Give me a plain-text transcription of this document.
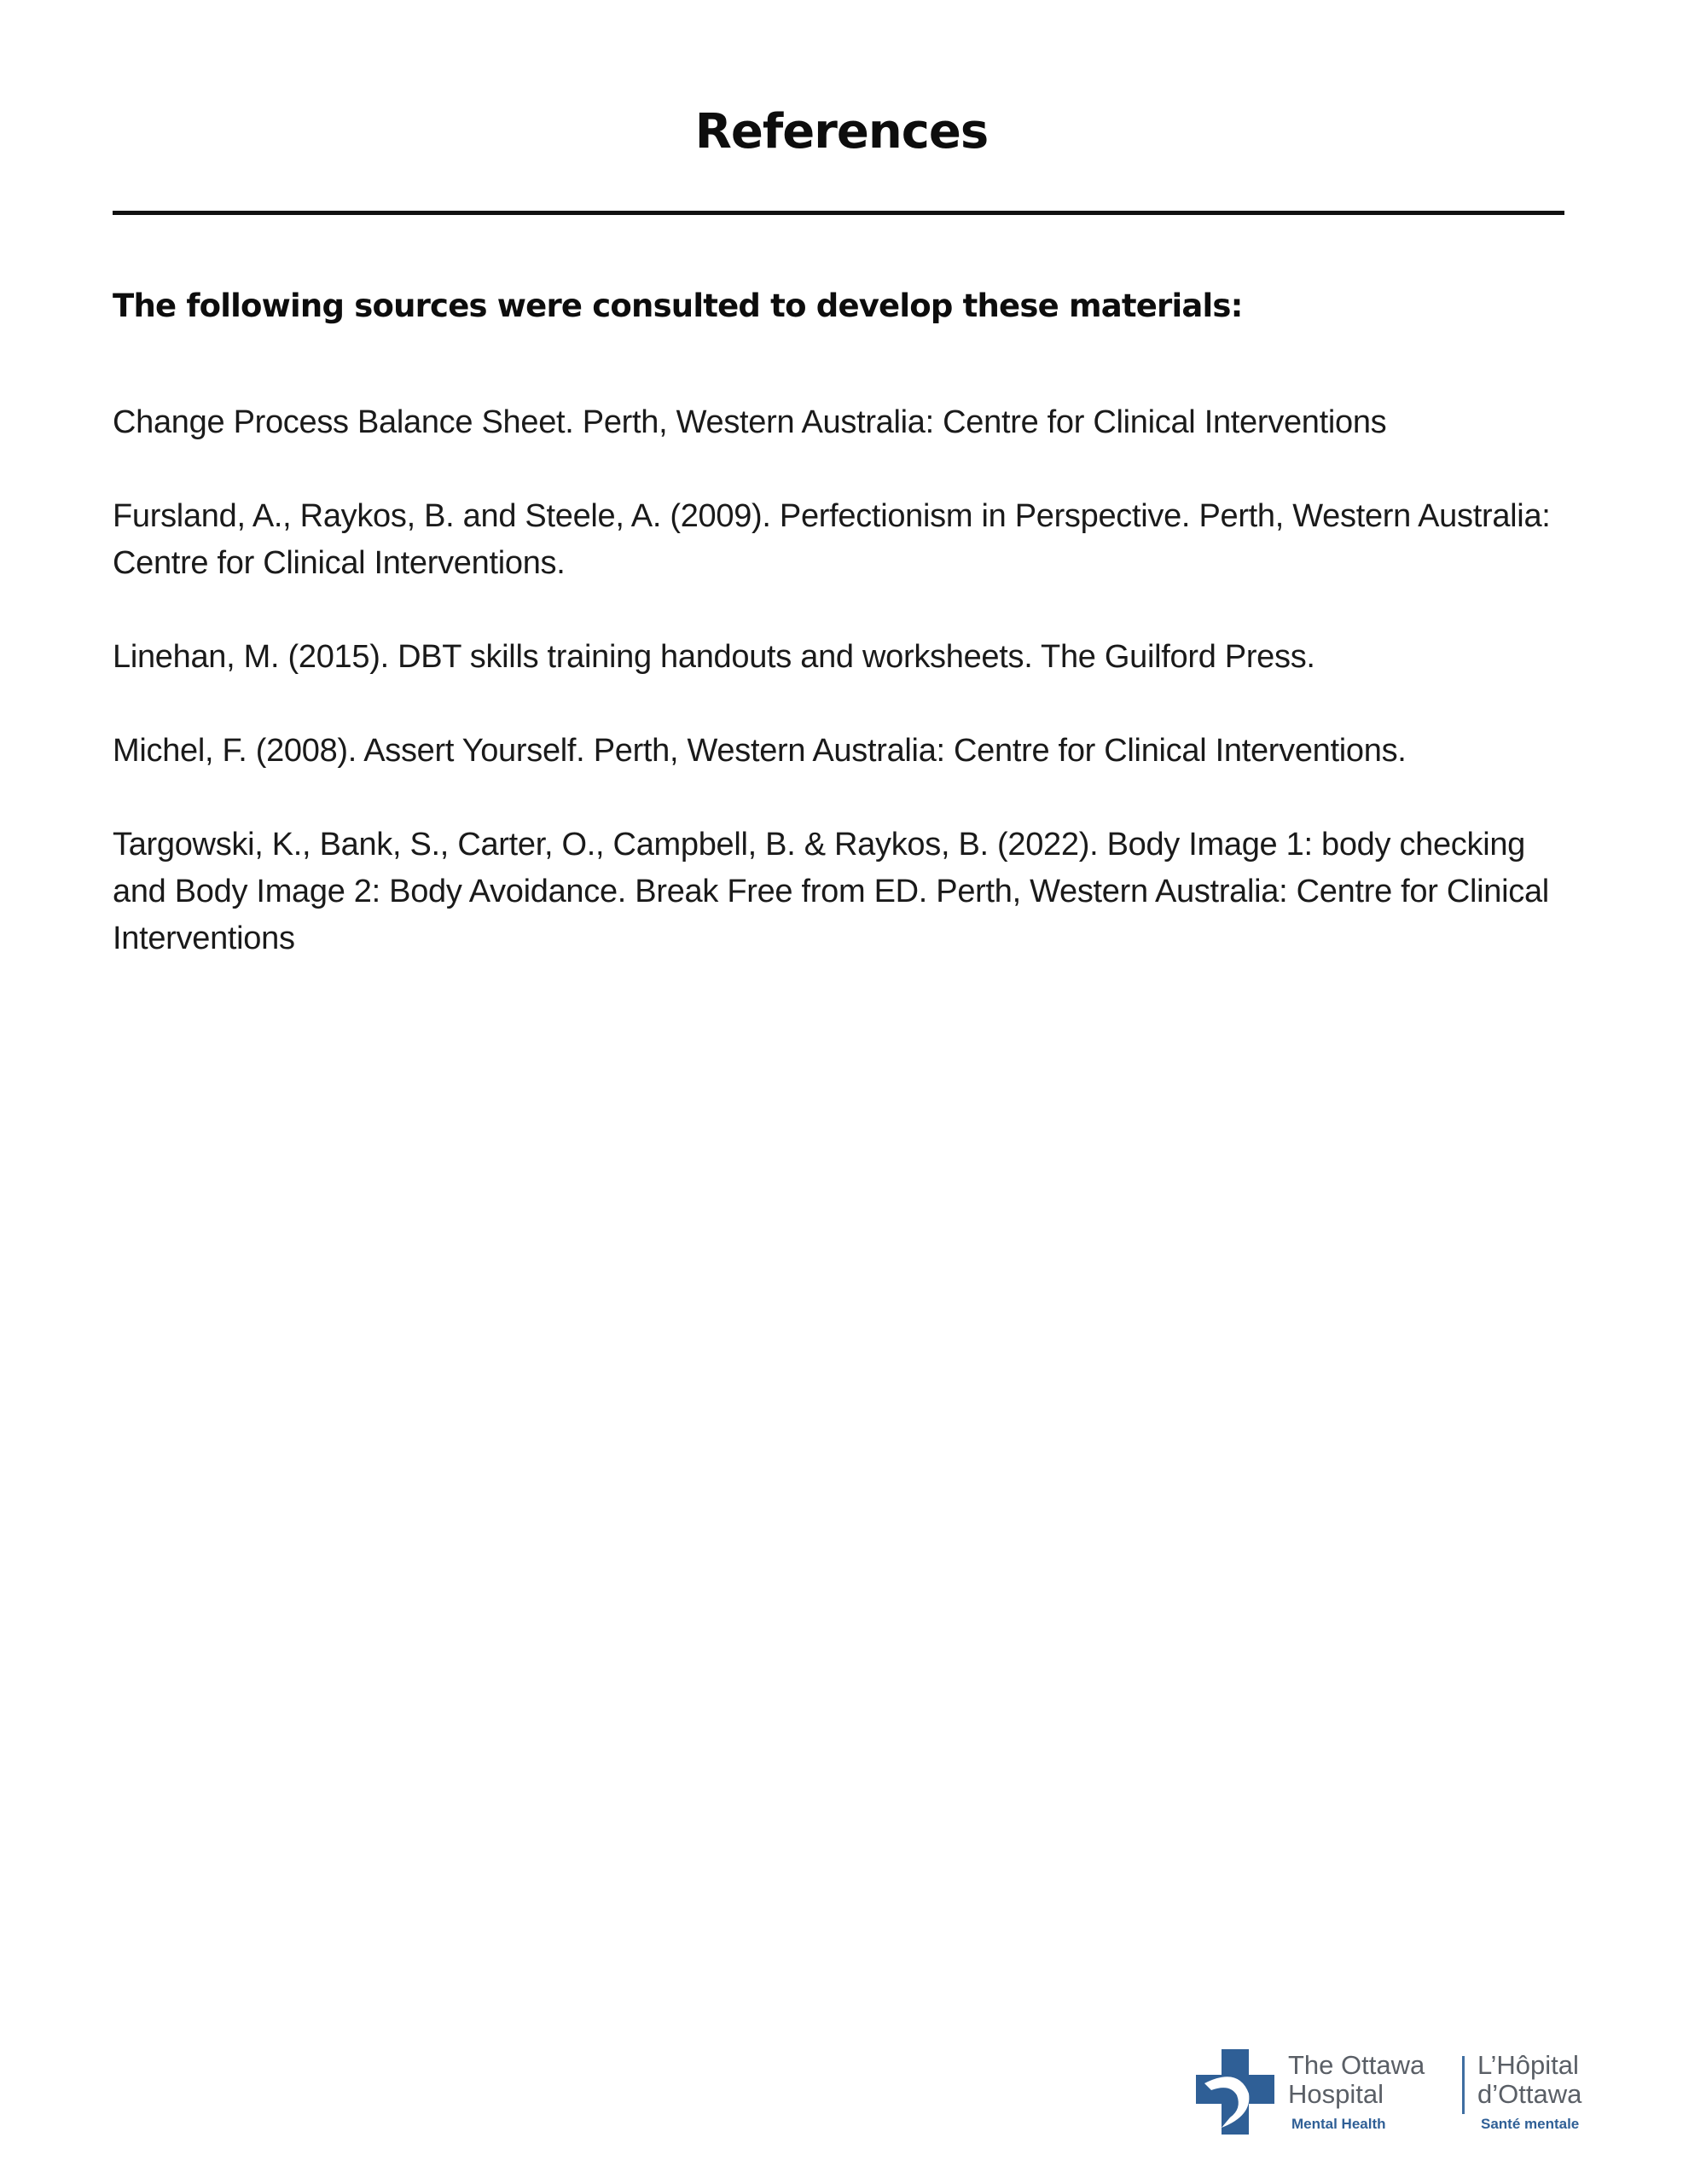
References

The following sources were consulted to develop these materials:

Change Process Balance Sheet. Perth, Western Australia: Centre for Clinical Interventions
Fursland, A., Raykos, B. and Steele, A. (2009). Perfectionism in Perspective. Perth, Western Australia: Centre for Clinical Interventions.
Linehan, M. (2015). DBT skills training handouts and worksheets. The Guilford Press.
Michel, F. (2008). Assert Yourself. Perth, Western Australia: Centre for Clinical Interventions.
Targowski, K., Bank, S., Carter, O., Campbell, B. & Raykos, B. (2022). Body Image 1: body checking and Body Image 2: Body Avoidance. Break Free from ED. Perth, Western Australia: Centre for Clinical Interventions

The Ottawa

Hospital

Mental Health

L’Hôpital

d’Ottawa

Santé mentale
